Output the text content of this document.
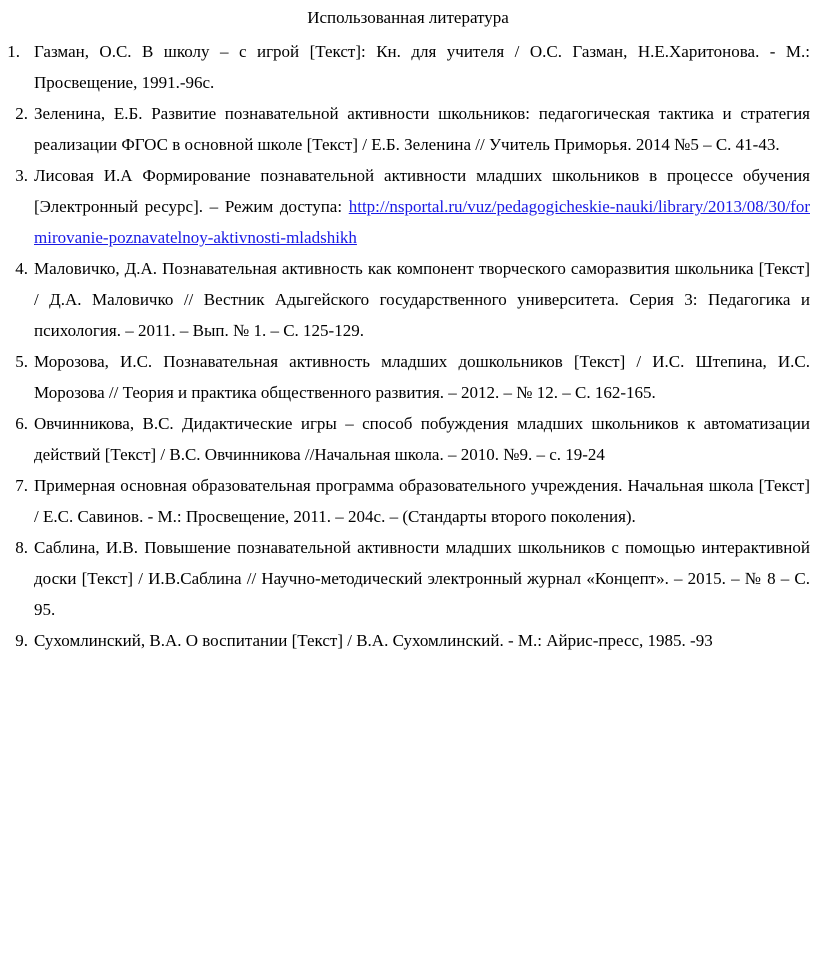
Использованная литература
Газман, О.С. В школу – с игрой [Текст]: Кн. для учителя / О.С. Газман, Н.Е.Харитонова. - М.: Просвещение, 1991.-96с.
Зеленина, Е.Б. Развитие познавательной активности школьников: педагогическая тактика и стратегия реализации ФГОС в основной школе [Текст] / Е.Б. Зеленина // Учитель Приморья. 2014 №5 – С. 41-43.
Лисовая И.А Формирование познавательной активности младших школьников в процессе обучения [Электронный ресурс]. – Режим доступа: http://nsportal.ru/vuz/pedagogicheskie-nauki/library/2013/08/30/formirovanie-poznavatelnoy-aktivnosti-mladshikh
Маловичко, Д.А. Познавательная активность как компонент творческого саморазвития школьника [Текст] / Д.А. Маловичко // Вестник Адыгейского государственного университета. Серия 3: Педагогика и психология. – 2011. – Вып. № 1. – С. 125-129.
Морозова, И.С. Познавательная активность младших дошкольников [Текст] / И.С. Штепина, И.С. Морозова // Теория и практика общественного развития. – 2012. – № 12. – С. 162-165.
Овчинникова, В.С. Дидактические игры – способ побуждения младших школьников к автоматизации действий [Текст] / В.С. Овчинникова //Начальная школа. – 2010. №9. – с. 19-24
Примерная основная образовательная программа образовательного учреждения. Начальная школа [Текст] / Е.С. Савинов. - М.: Просвещение, 2011. – 204с. – (Стандарты второго поколения).
Саблина, И.В. Повышение познавательной активности младших школьников с помощью интерактивной доски [Текст] / И.В.Саблина // Научно-методический электронный журнал «Концепт». – 2015. – № 8 – С. 95.
Сухомлинский, В.А. О воспитании [Текст] / В.А. Сухомлинский. - М.: Айрис-пресс, 1985. -93
